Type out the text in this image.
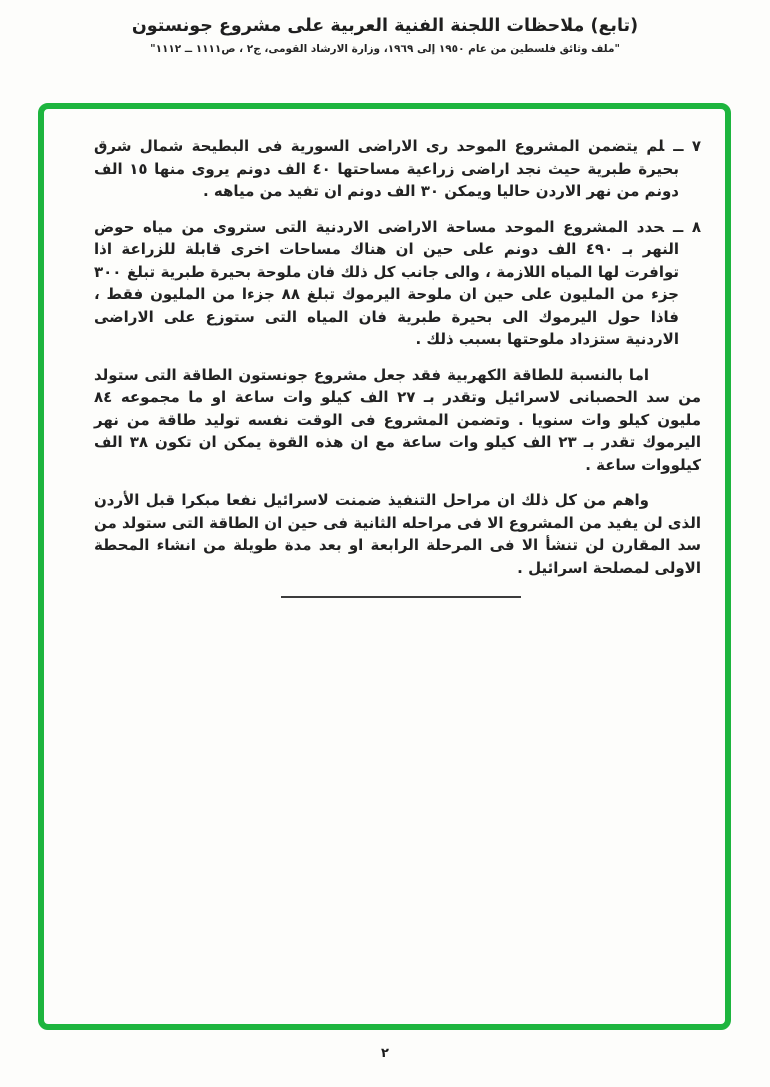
(تابع) ملاحظات اللجنة الفنية العربية على مشروع جونستون

"ملف وثائق فلسطين من عام ١٩٥٠ إلى ١٩٦٩، وزارة الارشاد القومى، ج٢ ، ص١١١١ ــ ١١١٢"

٧ ــلم يتضمن المشروع الموحد رى الاراضى السورية فى البطيحة شمال شرق بحيرة طبرية حيث نجد اراضى زراعية مساحتها ٤٠ الف دونم يروى منها ١٥ الف دونم من نهر الاردن حاليا ويمكن ٣٠ الف دونم ان تفيد من مياهه .

٨ ــحدد المشروع الموحد مساحة الاراضى الاردنية التى ستروى من مياه حوض النهر بـ ٤٩٠ الف دونم على حين ان هناك مساحات اخرى قابلة للزراعة اذا توافرت لها المياه اللازمة ، والى جانب كل ذلك فان ملوحة بحيرة طبرية تبلغ ٣٠٠ جزء من المليون على حين ان ملوحة اليرموك تبلغ ٨٨ جزءا من المليون فقط ، فاذا حول اليرموك الى بحيرة طبرية فان المياه التى ستوزع على الاراضى الاردنية ستزداد ملوحتها بسبب ذلك .

اما بالنسبة للطاقة الكهربية فقد جعل مشروع جونستون الطاقة التى ستولد من سد الحصبانى لاسرائيل وتقدر بـ ٢٧ الف كيلو وات ساعة او ما مجموعه ٨٤ مليون كيلو وات سنويا . وتضمن المشروع فى الوقت نفسه توليد طاقة من نهر اليرموك تقدر بـ ٢٣ الف كيلو وات ساعة مع ان هذه القوة يمكن ان تكون ٣٨ الف كيلووات ساعة .

واهم من كل ذلك ان مراحل التنفيذ ضمنت لاسرائيل نفعا مبكرا قبل الأردن الذى لن يفيد من المشروع الا فى مراحله الثانية فى حين ان الطاقة التى ستولد من سد المقارن لن تنشأ الا فى المرحلة الرابعة او بعد مدة طويلة من انشاء المحطة الاولى لمصلحة اسرائيل .

٢
